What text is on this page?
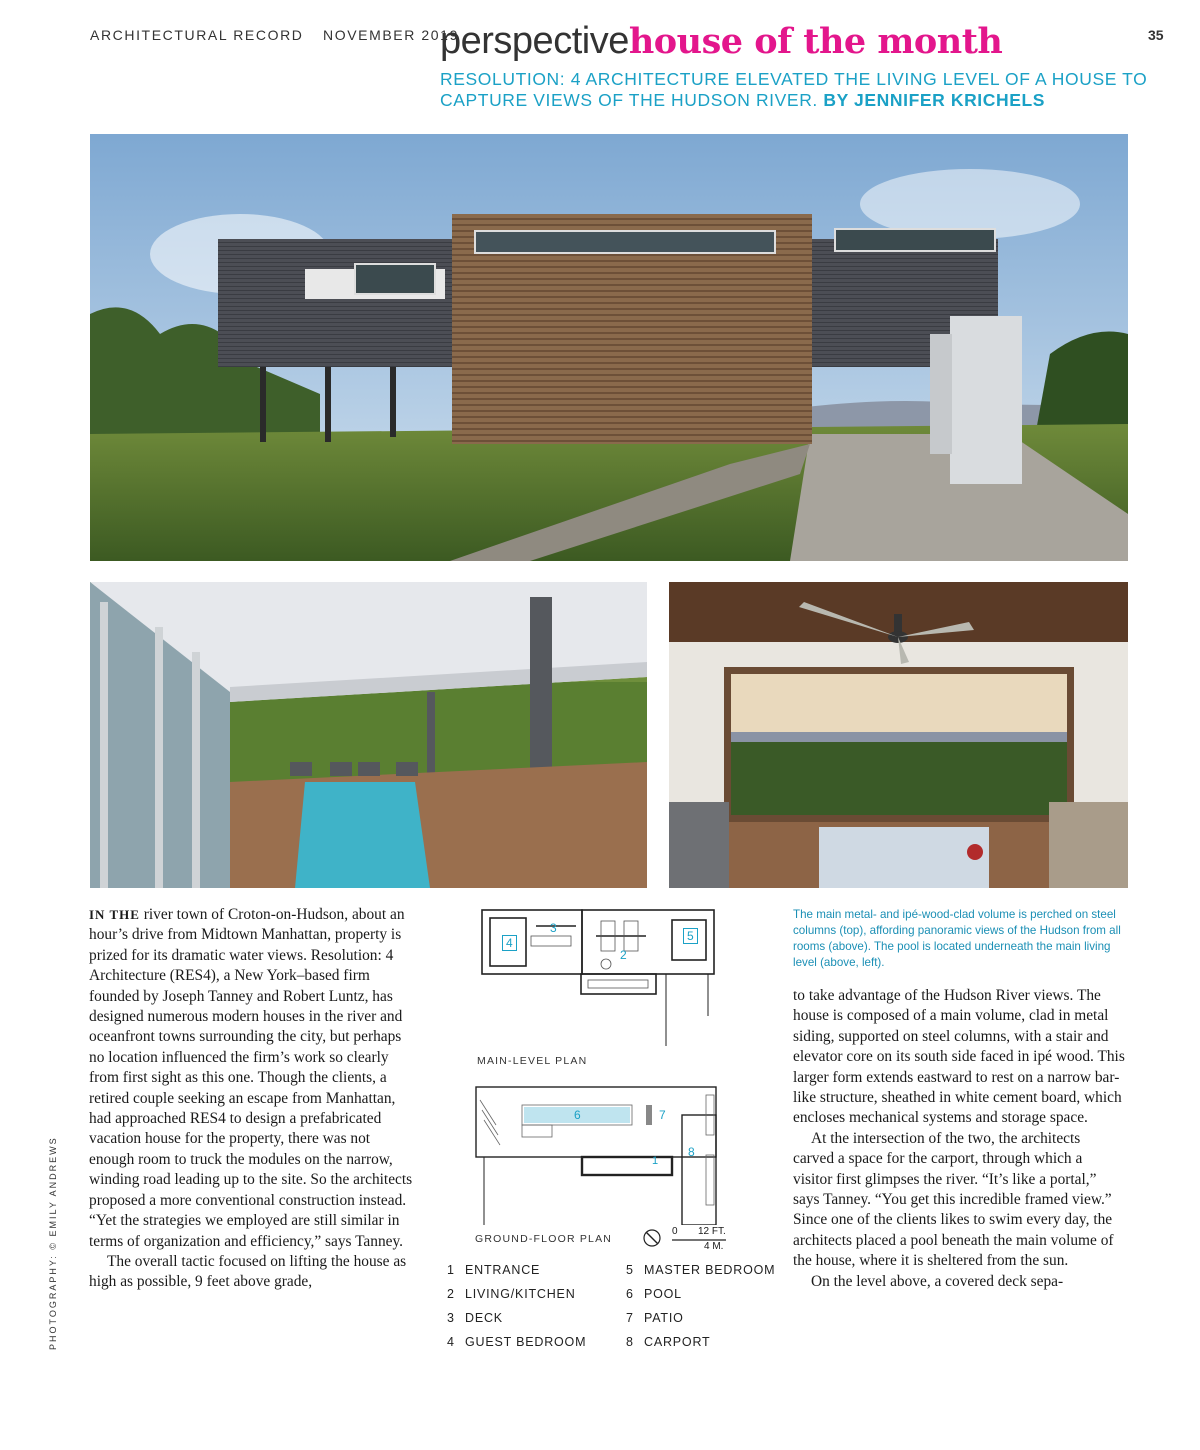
ARCHITECTURAL RECORD NOVEMBER 2019	35
perspectivehouse of the month
RESOLUTION: 4 ARCHITECTURE ELEVATED THE LIVING LEVEL OF A HOUSE TO CAPTURE VIEWS OF THE HUDSON RIVER. BY JENNIFER KRICHELS

IN THE river town of Croton-on-Hudson, about an hour’s drive from Midtown Manhattan, property is prized for its dramatic water views. Resolution: 4 Architecture (RES4), a New York–based firm founded by Joseph Tanney and Robert Luntz, has designed numerous modern houses in the river and oceanfront towns surrounding the city, but perhaps no location influenced the firm’s work so clearly from first sight as this one. Though the clients, a retired couple seeking an escape from Manhattan, had approached RES4 to design a prefabricated vacation house for the property, there was not enough room to truck the modules on the narrow, winding road leading up to the site. So the architects proposed a more conventional construction instead. “Yet the strategies we employed are still similar in terms of organization and efficiency,” says Tanney.

The overall tactic focused on lifting the house as high as possible, 9 feet above grade,

4
3
2
5
MAIN-LEVEL PLAN
6	7
8
1
GROUND-FLOOR PLAN
0 12 FT.
4 M.
1 ENTRANCE
2 LIVING/KITCHEN
3 DECK
4 GUEST BEDROOM
5 MASTER BEDROOM
6 POOL
7 PATIO
8 CARPORT
The main metal- and ipé-wood-clad volume is perched on steel columns (top), affording panoramic views of the Hudson from all rooms (above). The pool is located underneath the main living level (above, left).

to take advantage of the Hudson River views. The house is composed of a main volume, clad in metal siding, supported on steel columns, with a stair and elevator core on its south side faced in ipé wood. This larger form extends eastward to rest on a narrow bar-like structure, sheathed in white cement board, which encloses mechanical systems and storage space.

At the intersection of the two, the architects carved a space for the carport, through which a visitor first glimpses the river. “It’s like a portal,” says Tanney. “You get this incredible framed view.” Since one of the clients likes to swim every day, the architects placed a pool beneath the main volume of the house, where it is sheltered from the sun.

On the level above, a covered deck sepa-

PHOTOGRAPHY: © EMILY ANDREWS
